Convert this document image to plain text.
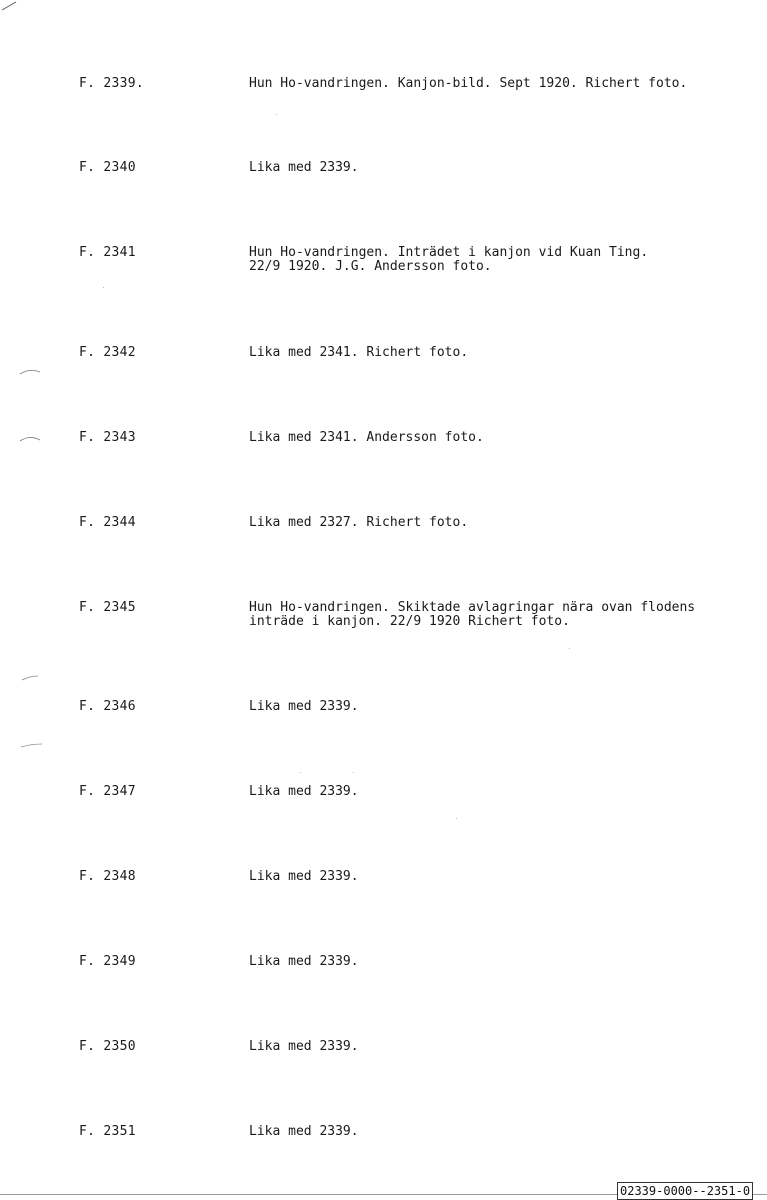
F. 2339.	Hun Ho-vandringen. Kanjon-bild. Sept 1920. Richert foto.
F. 2340	Lika med 2339.
F. 2341	Hun Ho-vandringen. Inträdet i kanjon vid Kuan Ting.
22/9 1920. J.G. Andersson foto.
F. 2342	Lika med 2341. Richert foto.
F. 2343	Lika med 2341. Andersson foto.
F. 2344	Lika med 2327. Richert foto.
F. 2345	Hun Ho-vandringen. Skiktade avlagringar nära ovan flodens
inträde i kanjon. 22/9 1920 Richert foto.
F. 2346	Lika med 2339.
F. 2347	Lika med 2339.
F. 2348	Lika med 2339.
F. 2349	Lika med 2339.
F. 2350	Lika med 2339.
F. 2351	Lika med 2339.
02339-0000--2351-0
